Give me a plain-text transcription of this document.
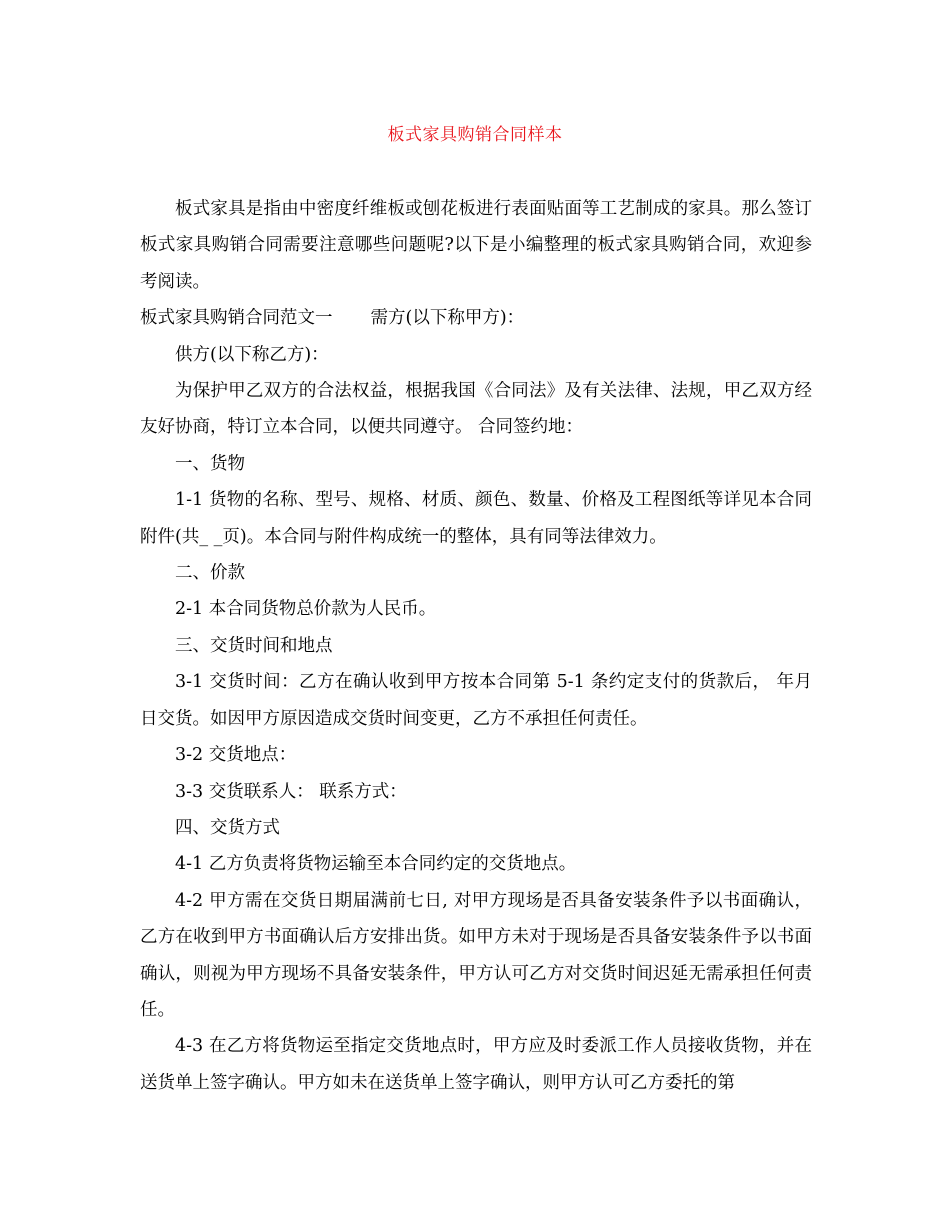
板式家具购销合同样本

板式家具是指由中密度纤维板或刨花板进行表面贴面等工艺制成的家具。那么签订板式家具购销合同需要注意哪些问题呢?以下是小编整理的板式家具购销合同，欢迎参考阅读。

板式家具购销合同范文一 需方(以下称甲方)：

供方(以下称乙方)：

为保护甲乙双方的合法权益，根据我国《合同法》及有关法律、法规，甲乙双方经友好协商，特订立本合同，以便共同遵守。 合同签约地：

一、货物

1-1 货物的名称、型号、规格、材质、颜色、数量、价格及工程图纸等详见本合同附件(共_ _页)。本合同与附件构成统一的整体，具有同等法律效力。

二、价款

2-1 本合同货物总价款为人民币。

三、交货时间和地点

3-1 交货时间：乙方在确认收到甲方按本合同第 5-1 条约定支付的货款后， 年月日交货。如因甲方原因造成交货时间变更，乙方不承担任何责任。

3-2 交货地点：

3-3 交货联系人： 联系方式：

四、交货方式

4-1 乙方负责将货物运输至本合同约定的交货地点。

4-2 甲方需在交货日期届满前七日, 对甲方现场是否具备安装条件予以书面确认，乙方在收到甲方书面确认后方安排出货。如甲方未对于现场是否具备安装条件予以书面确认，则视为甲方现场不具备安装条件，甲方认可乙方对交货时间迟延无需承担任何责任。

4-3 在乙方将货物运至指定交货地点时，甲方应及时委派工作人员接收货物，并在送货单上签字确认。甲方如未在送货单上签字确认，则甲方认可乙方委托的第
